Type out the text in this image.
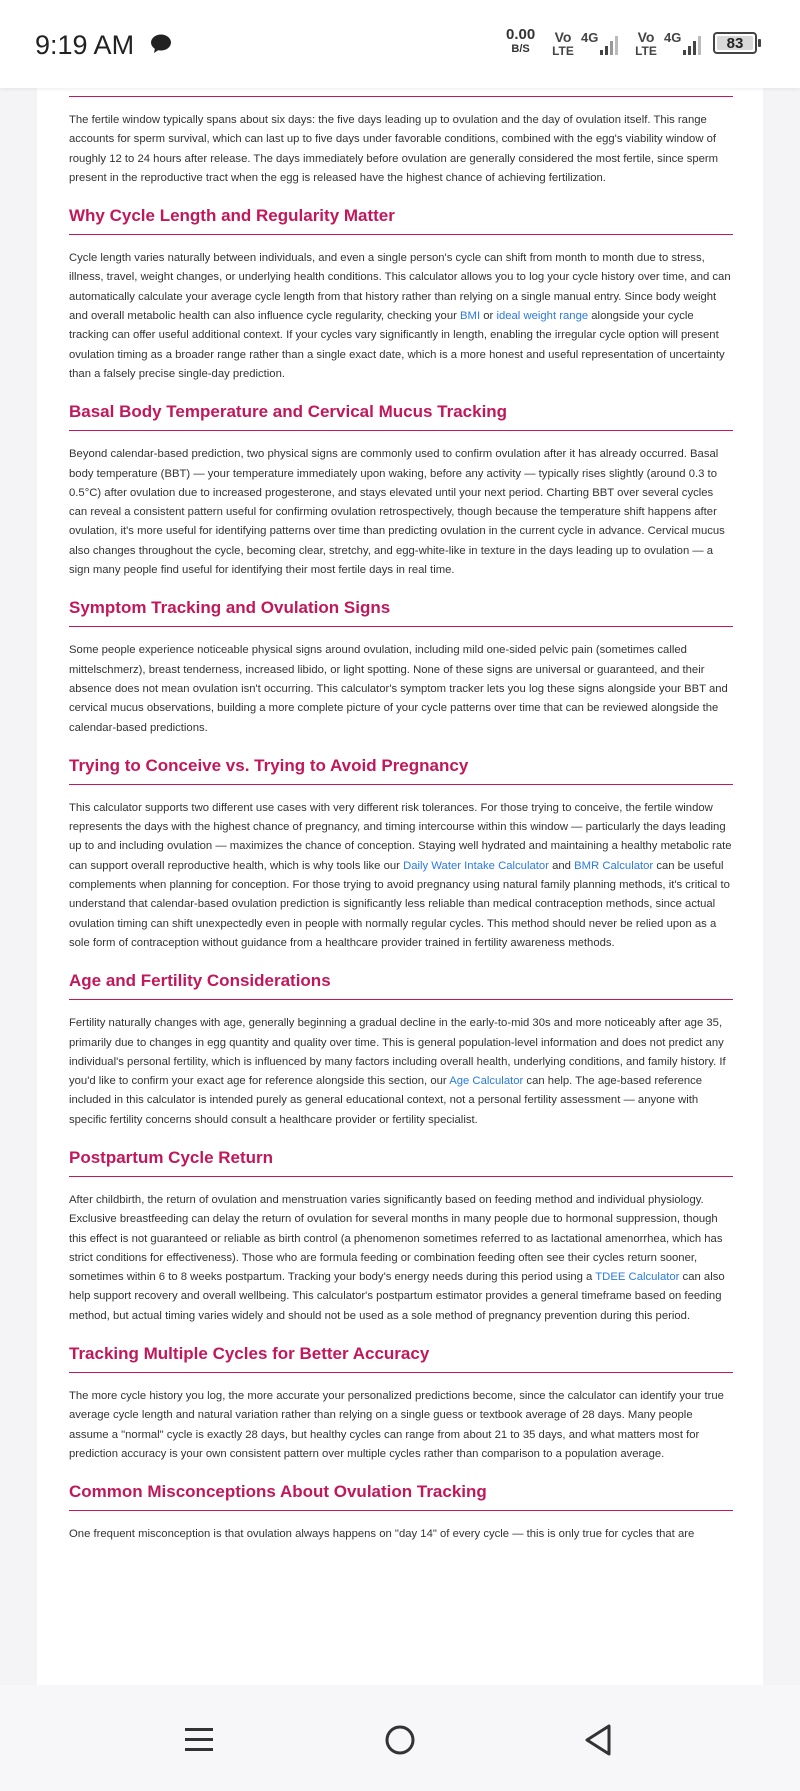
The fertile window typically spans about six days: the five days leading up to ovulation and the day of ovulation itself. This range accounts for sperm survival, which can last up to five days under favorable conditions, combined with the egg's viability window of roughly 12 to 24 hours after release. The days immediately before ovulation are generally considered the most fertile, since sperm present in the reproductive tract when the egg is released have the highest chance of achieving fertilization.

Why Cycle Length and Regularity Matter

Cycle length varies naturally between individuals, and even a single person's cycle can shift from month to month due to stress, illness, travel, weight changes, or underlying health conditions. This calculator allows you to log your cycle history over time, and can automatically calculate your average cycle length from that history rather than relying on a single manual entry. Since body weight and overall metabolic health can also influence cycle regularity, checking your BMI or ideal weight range alongside your cycle tracking can offer useful additional context. If your cycles vary significantly in length, enabling the irregular cycle option will present ovulation timing as a broader range rather than a single exact date, which is a more honest and useful representation of uncertainty than a falsely precise single-day prediction.

Basal Body Temperature and Cervical Mucus Tracking

Beyond calendar-based prediction, two physical signs are commonly used to confirm ovulation after it has already occurred. Basal body temperature (BBT) — your temperature immediately upon waking, before any activity — typically rises slightly (around 0.3 to 0.5°C) after ovulation due to increased progesterone, and stays elevated until your next period. Charting BBT over several cycles can reveal a consistent pattern useful for confirming ovulation retrospectively, though because the temperature shift happens after ovulation, it's more useful for identifying patterns over time than predicting ovulation in the current cycle in advance. Cervical mucus also changes throughout the cycle, becoming clear, stretchy, and egg-white-like in texture in the days leading up to ovulation — a sign many people find useful for identifying their most fertile days in real time.

Symptom Tracking and Ovulation Signs

Some people experience noticeable physical signs around ovulation, including mild one-sided pelvic pain (sometimes called mittelschmerz), breast tenderness, increased libido, or light spotting. None of these signs are universal or guaranteed, and their absence does not mean ovulation isn't occurring. This calculator's symptom tracker lets you log these signs alongside your BBT and cervical mucus observations, building a more complete picture of your cycle patterns over time that can be reviewed alongside the calendar-based predictions.

Trying to Conceive vs. Trying to Avoid Pregnancy

This calculator supports two different use cases with very different risk tolerances. For those trying to conceive, the fertile window represents the days with the highest chance of pregnancy, and timing intercourse within this window — particularly the days leading up to and including ovulation — maximizes the chance of conception. Staying well hydrated and maintaining a healthy metabolic rate can support overall reproductive health, which is why tools like our Daily Water Intake Calculator and BMR Calculator can be useful complements when planning for conception. For those trying to avoid pregnancy using natural family planning methods, it's critical to understand that calendar-based ovulation prediction is significantly less reliable than medical contraception methods, since actual ovulation timing can shift unexpectedly even in people with normally regular cycles. This method should never be relied upon as a sole form of contraception without guidance from a healthcare provider trained in fertility awareness methods.

Age and Fertility Considerations

Fertility naturally changes with age, generally beginning a gradual decline in the early-to-mid 30s and more noticeably after age 35, primarily due to changes in egg quantity and quality over time. This is general population-level information and does not predict any individual's personal fertility, which is influenced by many factors including overall health, underlying conditions, and family history. If you'd like to confirm your exact age for reference alongside this section, our Age Calculator can help. The age-based reference included in this calculator is intended purely as general educational context, not a personal fertility assessment — anyone with specific fertility concerns should consult a healthcare provider or fertility specialist.

Postpartum Cycle Return

After childbirth, the return of ovulation and menstruation varies significantly based on feeding method and individual physiology. Exclusive breastfeeding can delay the return of ovulation for several months in many people due to hormonal suppression, though this effect is not guaranteed or reliable as birth control (a phenomenon sometimes referred to as lactational amenorrhea, which has strict conditions for effectiveness). Those who are formula feeding or combination feeding often see their cycles return sooner, sometimes within 6 to 8 weeks postpartum. Tracking your body's energy needs during this period using a TDEE Calculator can also help support recovery and overall wellbeing. This calculator's postpartum estimator provides a general timeframe based on feeding method, but actual timing varies widely and should not be used as a sole method of pregnancy prevention during this period.

Tracking Multiple Cycles for Better Accuracy

The more cycle history you log, the more accurate your personalized predictions become, since the calculator can identify your true average cycle length and natural variation rather than relying on a single guess or textbook average of 28 days. Many people assume a "normal" cycle is exactly 28 days, but healthy cycles can range from about 21 to 35 days, and what matters most for prediction accuracy is your own consistent pattern over multiple cycles rather than comparison to a population average.

Common Misconceptions About Ovulation Tracking

One frequent misconception is that ovulation always happens on "day 14" of every cycle — this is only true for cycles that are

9:19 AM	0.00
B/S
Vo
LTE
4G	Vo
LTE
4G	83
